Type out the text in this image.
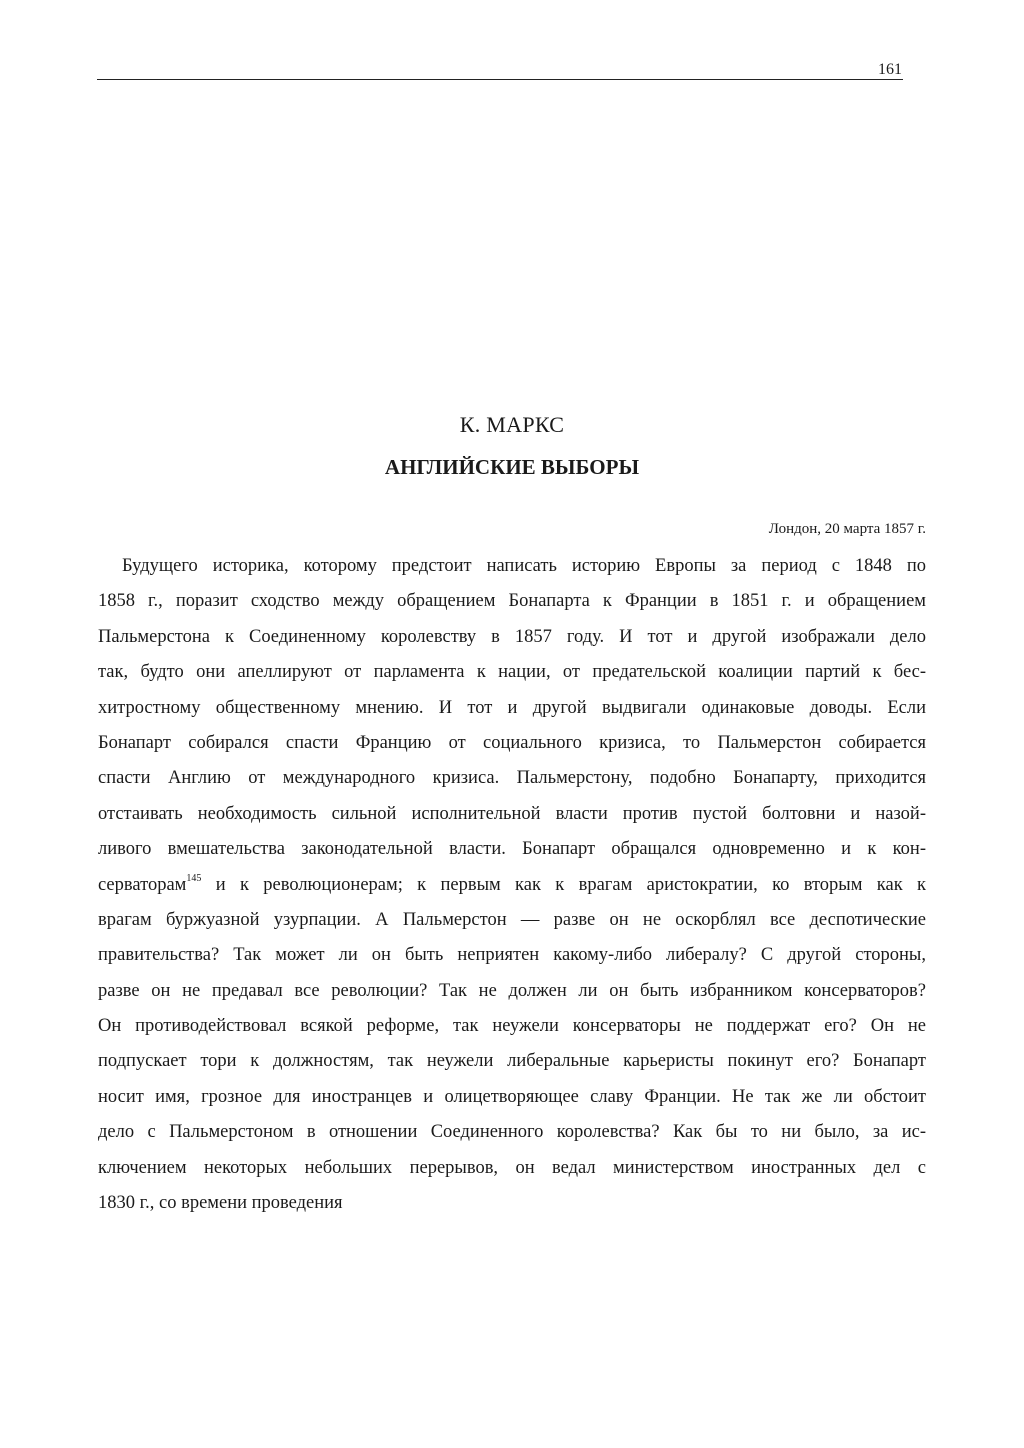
161
К. МАРКС
АНГЛИЙСКИЕ ВЫБОРЫ
Лондон, 20 марта 1857 г.
Будущего историка, которому предстоит написать историю Европы за период с 1848 по
1858 г., поразит сходство между обращением Бонапарта к Франции в 1851 г. и обращением
Пальмерстона к Соединенному королевству в 1857 году. И тот и другой изображали дело
так, будто они апеллируют от парламента к нации, от предательской коалиции партий к бес-
хитростному общественному мнению. И тот и другой выдвигали одинаковые доводы. Если
Бонапарт собирался спасти Францию от социального кризиса, то Пальмерстон собирается
спасти Англию от международного кризиса. Пальмерстону, подобно Бонапарту, приходится
отстаивать необходимость сильной исполнительной власти против пустой болтовни и назой-
ливого вмешательства законодательной власти. Бонапарт обращался одновременно и к кон-
серваторам$^{145}$ и к революционерам; к первым как к врагам аристократии, ко вторым как к
врагам буржуазной узурпации. А Пальмерстон — разве он не оскорблял все деспотические
правительства? Так может ли он быть неприятен какому-либо либералу? С другой стороны,
разве он не предавал все революции? Так не должен ли он быть избранником консерваторов?
Он противодействовал всякой реформе, так неужели консерваторы не поддержат его? Он не
подпускает тори к должностям, так неужели либеральные карьеристы покинут его? Бонапарт
носит имя, грозное для иностранцев и олицетворяющее славу Франции. Не так же ли обстоит
дело с Пальмерстоном в отношении Соединенного королевства? Как бы то ни было, за ис-
ключением некоторых небольших перерывов, он ведал министерством иностранных дел с
1830 г., со времени проведения
